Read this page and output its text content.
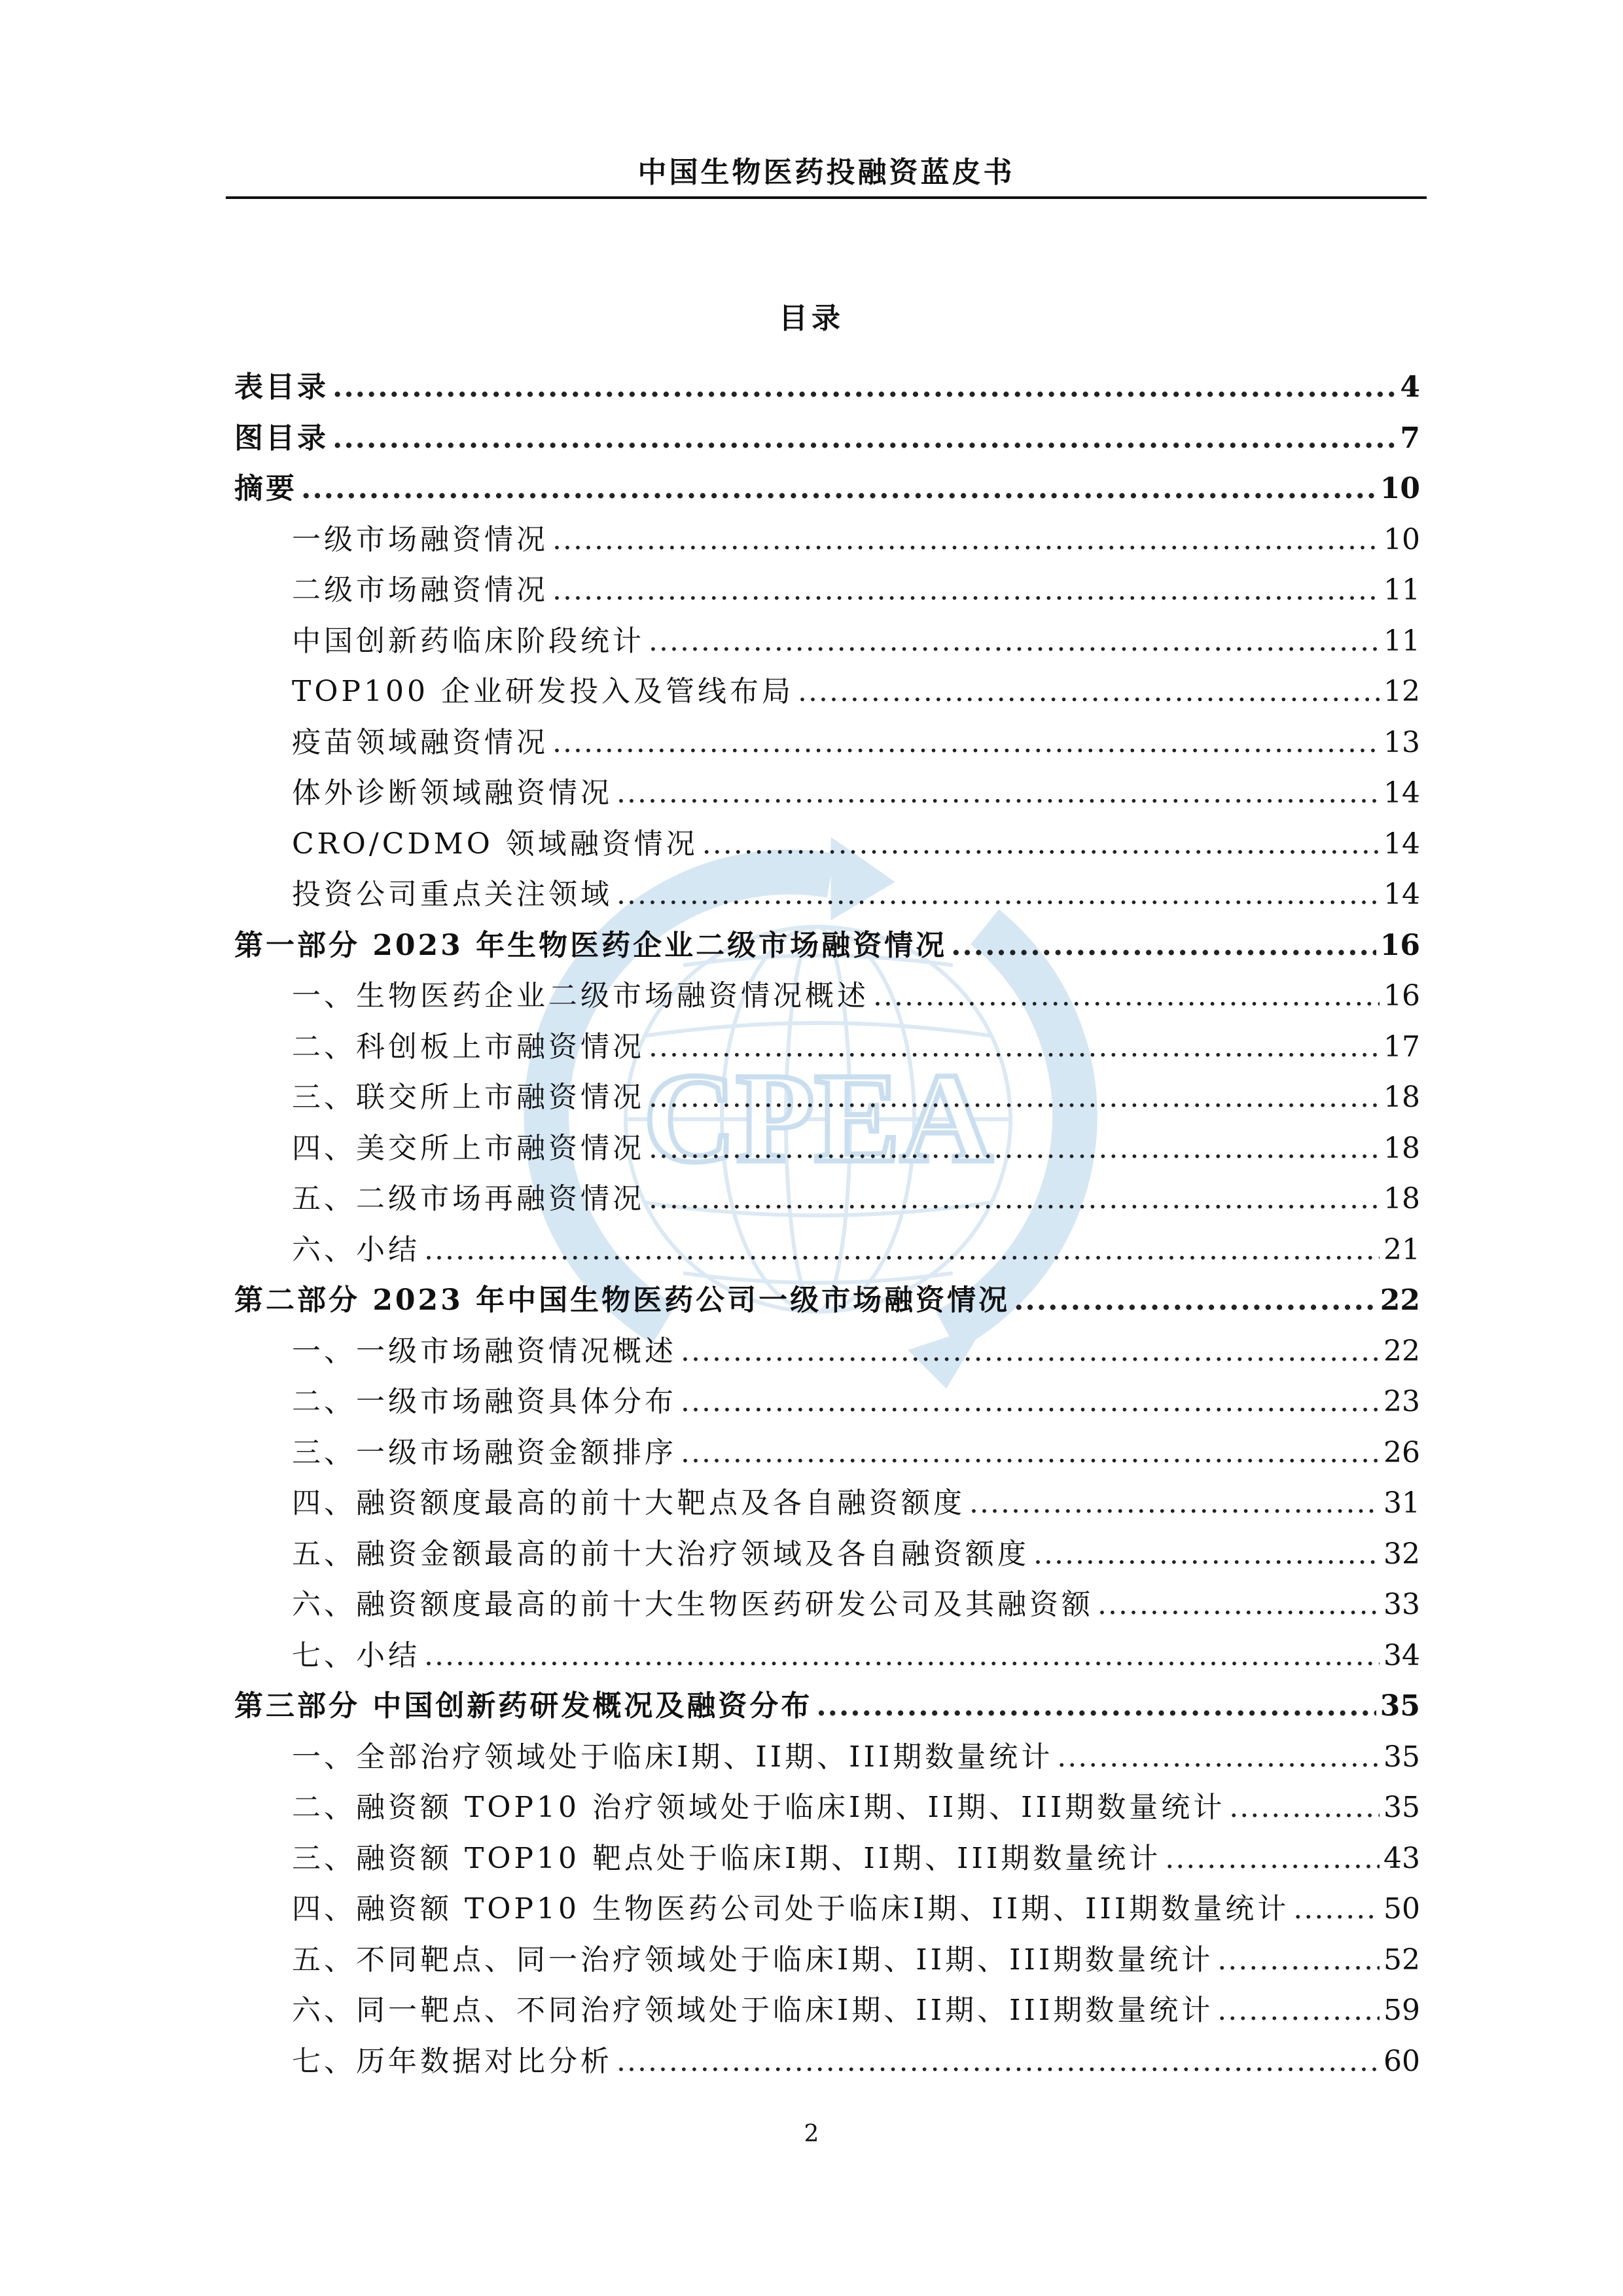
中国生物医药投融资蓝皮书
CPEA
目录
表目录 .....	4
图目录 .....	7
摘要 .....	10
一级市场融资情况 .....	10
二级市场融资情况 .....	11
中国创新药临床阶段统计 .....	11
TOP100 企业研发投入及管线布局 .....	12
疫苗领域融资情况 .....	13
体外诊断领域融资情况 .....	14
CRO/CDMO 领域融资情况 .....	14
投资公司重点关注领域 .....	14
第一部分 2023 年生物医药企业二级市场融资情况 .....	16
一、生物医药企业二级市场融资情况概述 .....	16
二、科创板上市融资情况 .....	17
三、联交所上市融资情况 .....	18
四、美交所上市融资情况 .....	18
五、二级市场再融资情况 .....	18
六、小结 .....	21
第二部分 2023 年中国生物医药公司一级市场融资情况 .....	22
一、一级市场融资情况概述 .....	22
二、一级市场融资具体分布 .....	23
三、一级市场融资金额排序 .....	26
四、融资额度最高的前十大靶点及各自融资额度 .....	31
五、融资金额最高的前十大治疗领域及各自融资额度 .....	32
六、融资额度最高的前十大生物医药研发公司及其融资额 .....	33
七、小结 .....	34
第三部分 中国创新药研发概况及融资分布 .....	35
一、全部治疗领域处于临床I期、II期、III期数量统计 .....	35
二、融资额 TOP10 治疗领域处于临床I期、II期、III期数量统计 .....	35
三、融资额 TOP10 靶点处于临床I期、II期、III期数量统计 .....	43
四、融资额 TOP10 生物医药公司处于临床I期、II期、III期数量统计 .....	50
五、不同靶点、同一治疗领域处于临床I期、II期、III期数量统计 .....	52
六、同一靶点、不同治疗领域处于临床I期、II期、III期数量统计 .....	59
七、历年数据对比分析 .....	60
2
